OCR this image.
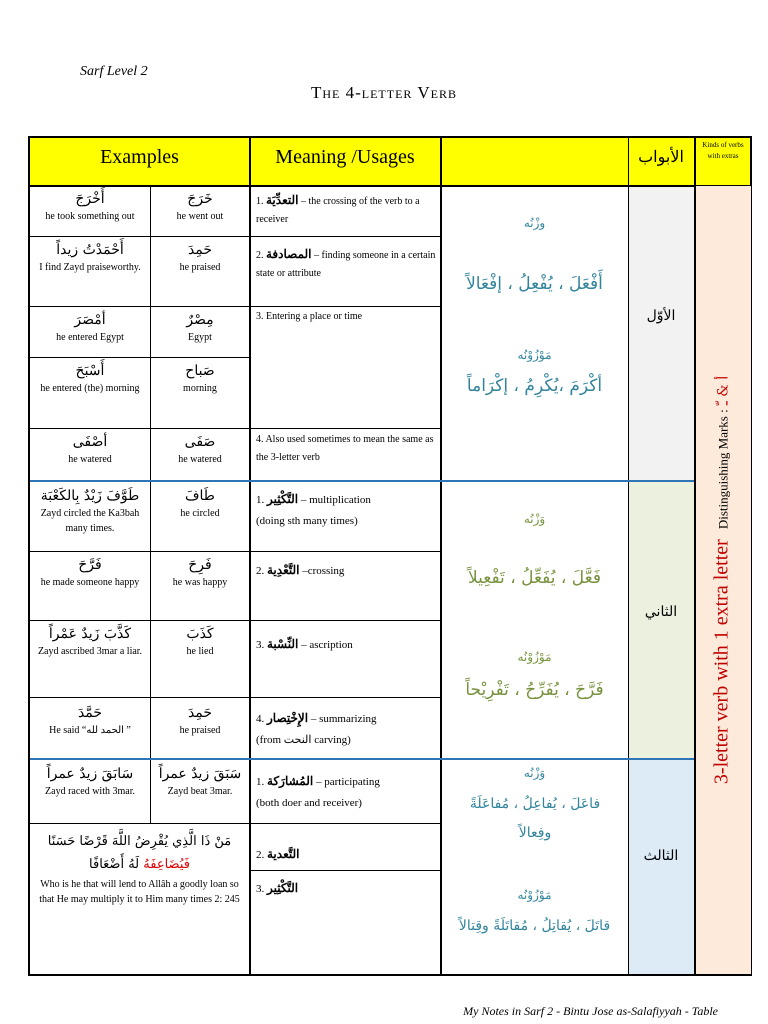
Sarf Level 2
The 4-letter Verb
Examples	Meaning /Usages	الأبواب
Kinds of verbs with extras
أَخْرَجَ
he took something out
خَرَجَ
he went out
1. التعدِّيَة – the crossing of the verb to a receiver
أَحْمَدْتُ زيداً
I find Zayd praiseworthy.
حَمِدَ
he praised
2. المصادفة – finding someone in a certain state or attribute
أمْصَرَ
he entered Egypt
مِصْرٌ
Egypt
3. Entering a place or time
أَسْبَحَ
he entered (the) morning
صَباح
morning
أصْفَى
he watered
صَفَى
he watered
4. Also used sometimes to mean the same as the 3-letter verb
وزْنُه
أَفْعَلَ ، يُفْعِلُ ، إفْعَالاً
مَوْزُوْنُه
أكْرَمَ ،يُكْرِمُ ، إكْرَاماً
الأوّل
طَوَّفَ زَيْدٌ بِالكَعْبَة
Zayd circled the Ka3bah many times.
طَافَ
he circled
1. التَّكْثِير – multiplication
(doing sth many times)
فَرَّحَ
he made someone happy
فَرِحَ
he was happy
2. التَّعْدِية –crossing
كَذَّبَ زَيدٌ عَمْراً
Zayd ascribed 3mar a liar.
كَذَبَ
he lied
3. النِّسْبة – ascription
حَمَّدَ
He said “الحمد لله ”
حَمِدَ
he praised
4. الإِخْتِصار – summarizing
(from النحت carving)
وَزْنُه
فَعَّلَ ، يُفَعِّلُ ، تَفْعِيلاً
مَوْزُوْنُه
فَرَّحَ ، يُفَرِّحُ ، تَفْرِيْحاً
الثاني
سَابَقَ زيدٌ عمراً
Zayd raced with 3mar.
سَبَقَ زيدٌ عمراً
Zayd beat 3mar.
1. المُشارَكة – participating
(both doer and receiver)
مَنْ ذَا الَّذِي يُقْرِضُ اللَّهَ قَرْضًا حَسَنًا
فَيُضَاعِفَهُ لَهُ أَضْعَافًا
Who is he that will lend to Allâh a goodly loan so that He may multiply it to Him many times 2: 245
2. التَّعدية
3. التَّكْثِير
وَزْنُه
فاعَلَ ، يُفاعِلُ ، مُفاعَلَةً وفِعالاً
مَوْزُوْنُه
قاتَلَ ، يُقاتِلُ ، مُقاتَلَةً وقِتالاً
الثالث
3-letter verb with 1 extra letter Distinguishing Marks : أ & ـّ
My Notes in Sarf 2 - Bintu Jose as-Salafiyyah - Table
